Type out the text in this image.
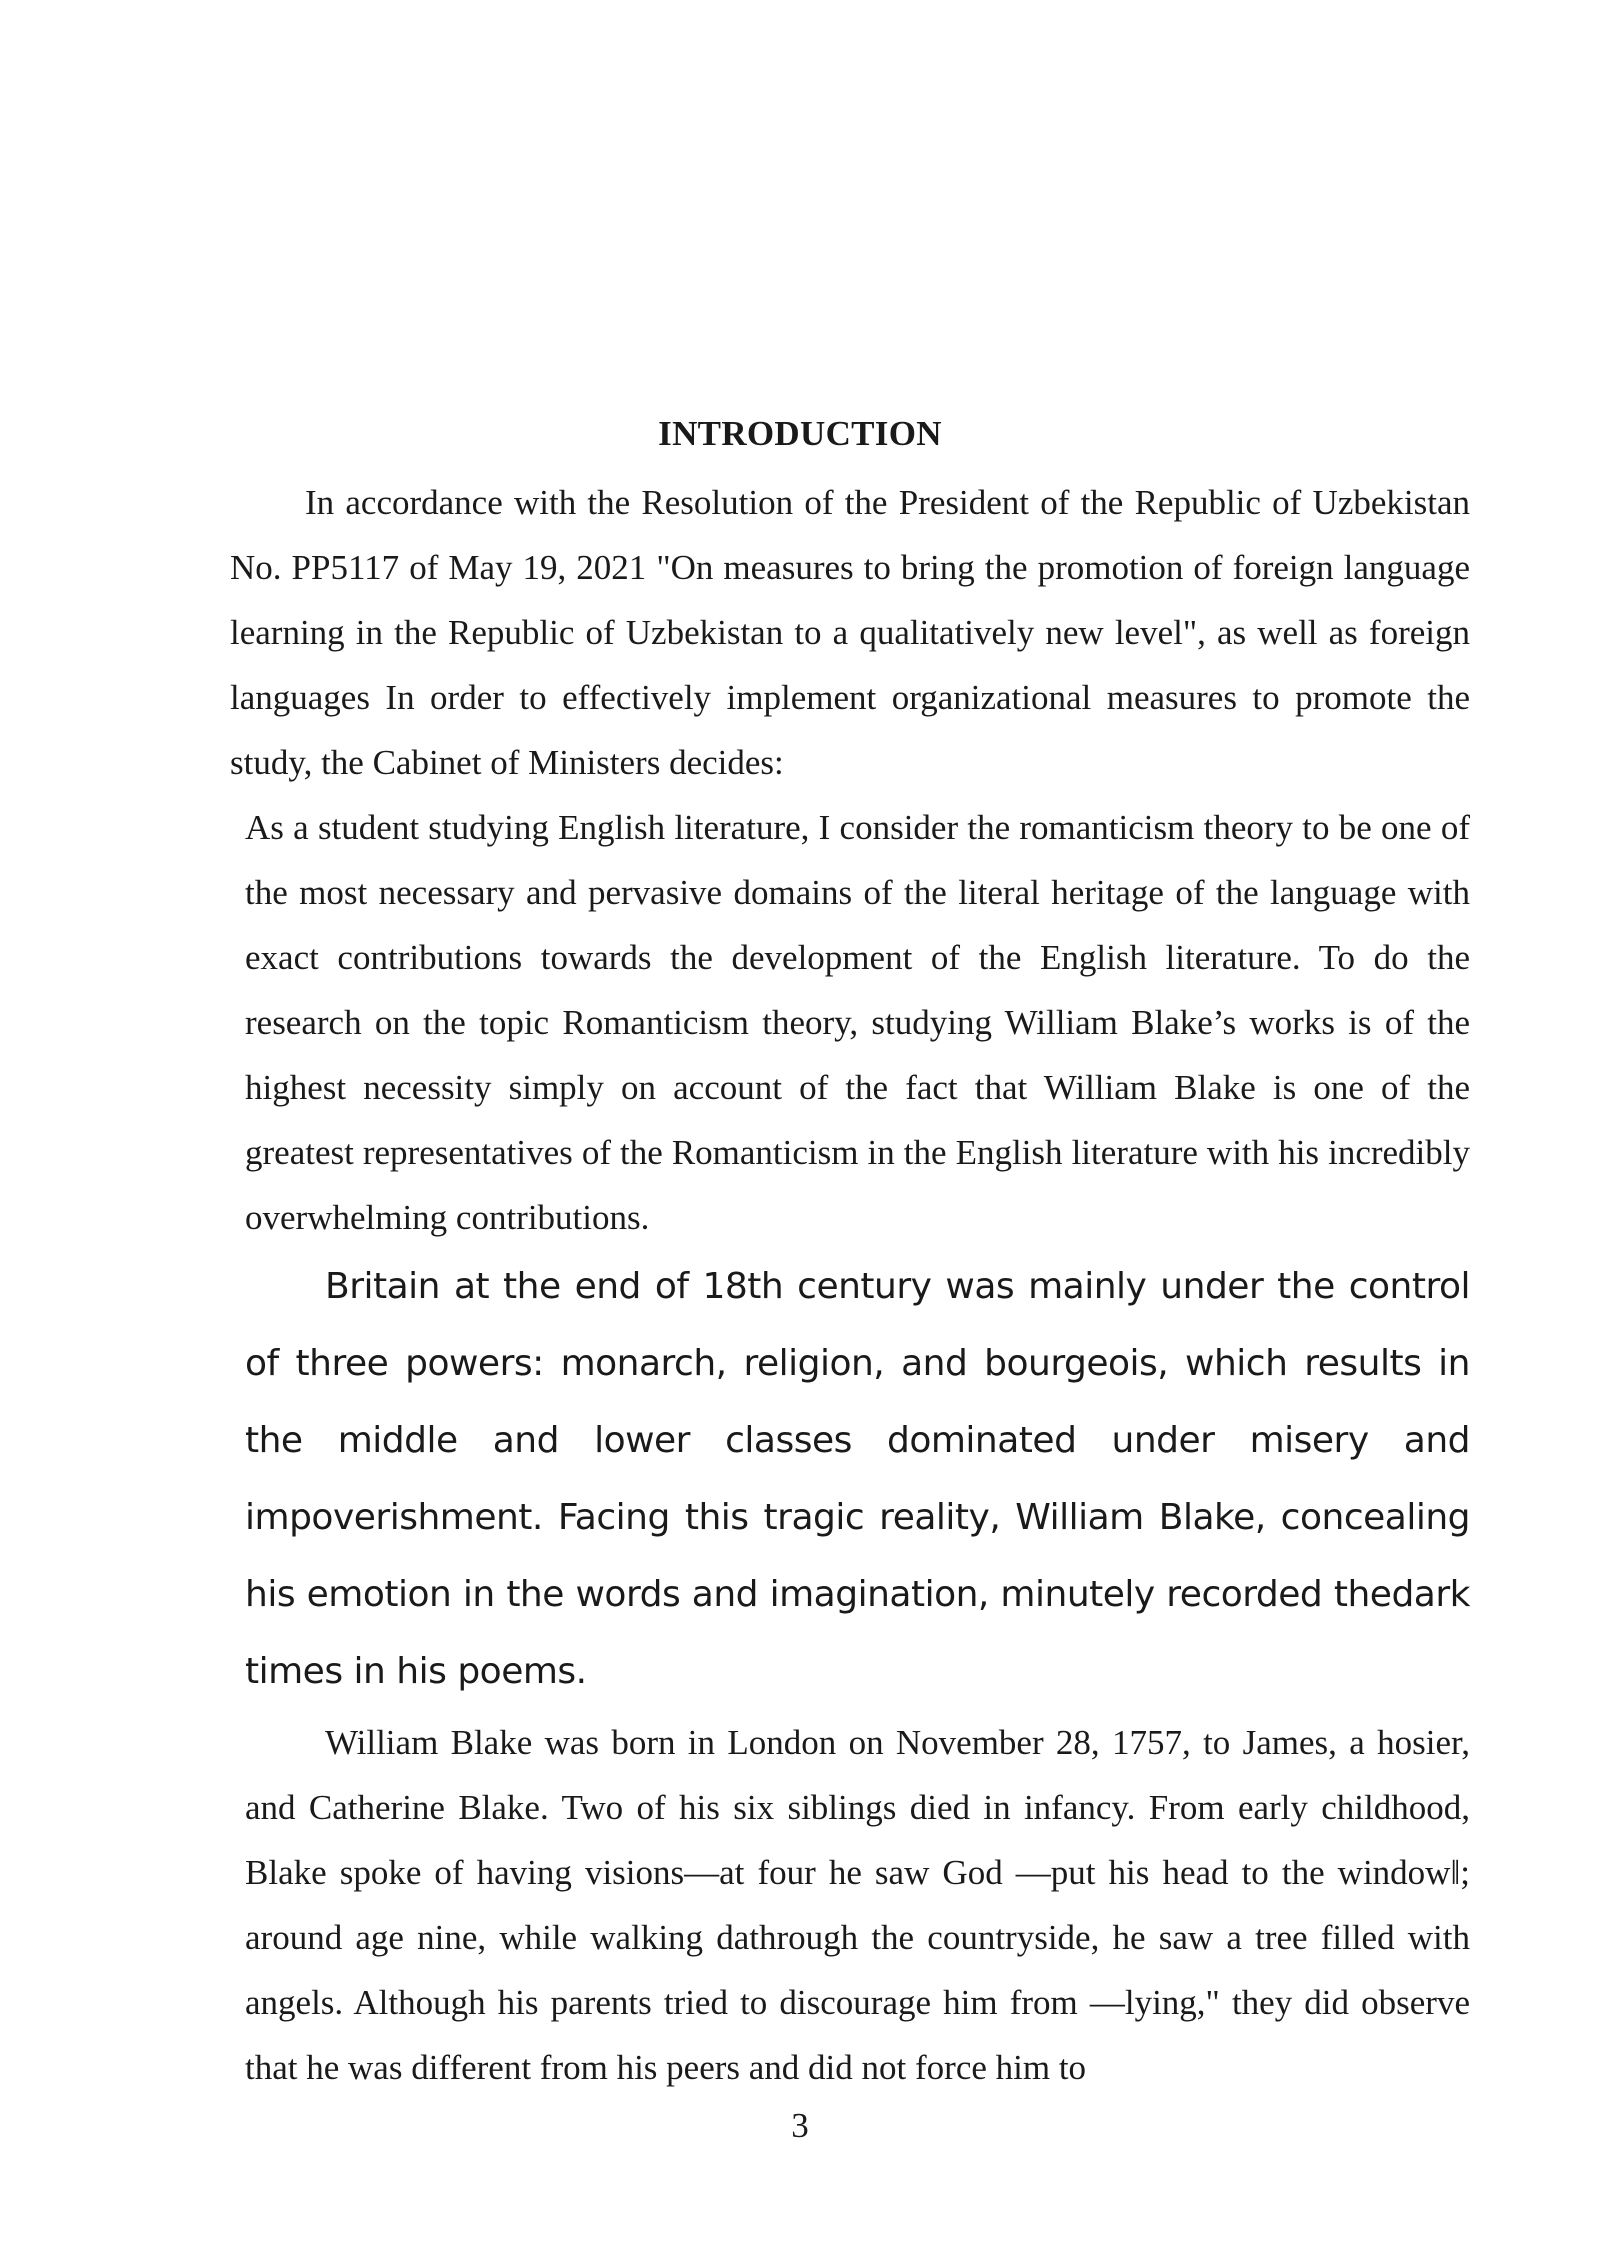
INTRODUCTION

In accordance with the Resolution of the President of the Republic of Uzbekistan No. PP5117 of May 19, 2021 "On measures to bring the promotion of foreign language learning in the Republic of Uzbekistan to a qualitatively new level", as well as foreign languages In order to effectively implement organizational measures to promote the study, the Cabinet of Ministers decides:

As a student studying English literature, I consider the romanticism theory to be one of the most necessary and pervasive domains of the literal heritage of the language with exact contributions towards the development of the English literature. To do the research on the topic Romanticism theory, studying William Blake’s works is of the highest necessity simply on account of the fact that William Blake is one of the greatest representatives of the Romanticism in the English literature with his incredibly overwhelming contributions.

Britain at the end of 18th century was mainly under the control of three powers: monarch, religion, and bourgeois, which results in the middle and lower classes dominated under misery and impoverishment. Facing this tragic reality, William Blake, concealing his emotion in the words and imagination, minutely recorded thedark times in his poems.

William Blake was born in London on November 28, 1757, to James, a hosier, and Catherine Blake. Two of his six siblings died in infancy. From early childhood, Blake spoke of having visions—at four he saw God —put his head to the window‖; around age nine, while walking dathrough the countryside, he saw a tree filled with angels. Although his parents tried to discourage him from —lying," they did observe that he was different from his peers and did not force him to

3
